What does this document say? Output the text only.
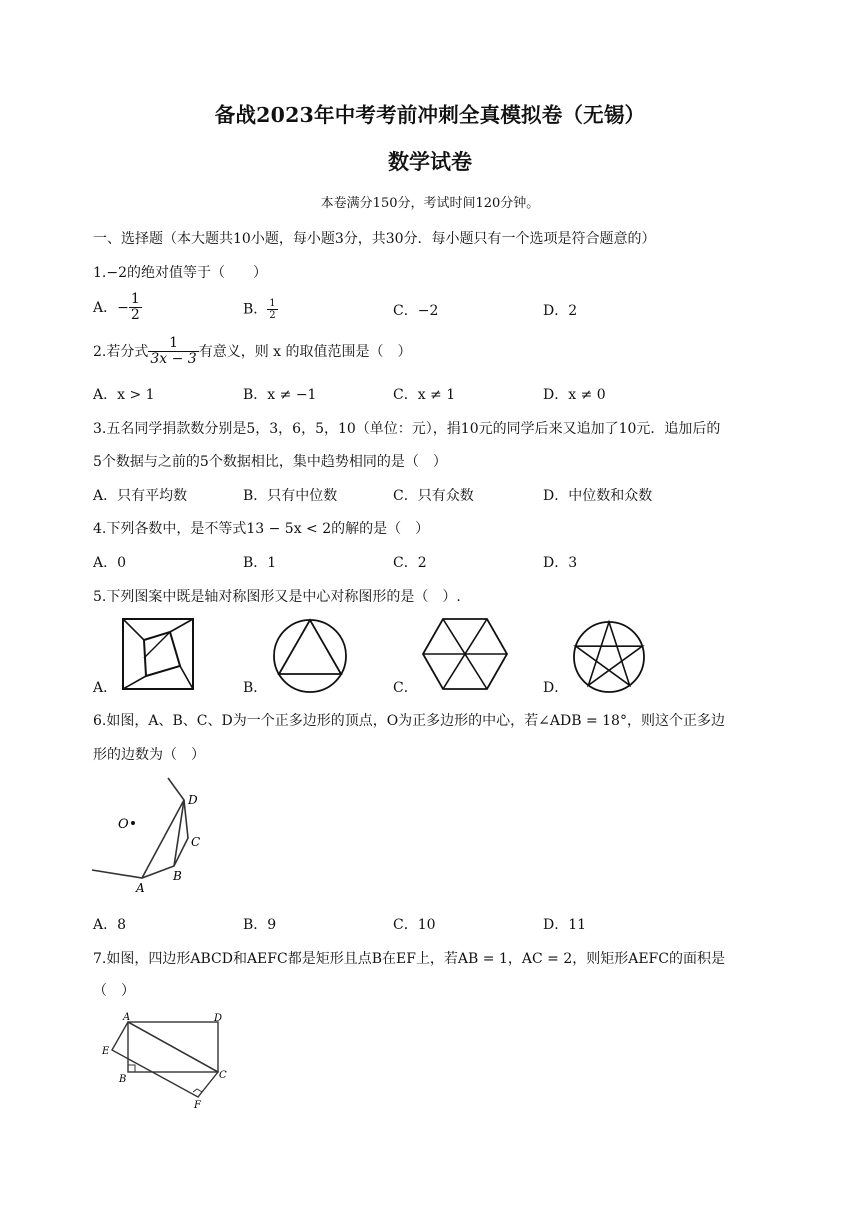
备战2023年中考考前冲刺全真模拟卷（无锡）
数学试卷
本卷满分150分，考试时间120分钟。
一、选择题（本大题共10小题，每小题3分，共30分．每小题只有一个选项是符合题意的）
1.−2的绝对值等于（　　）
A．− $\frac{1}{2}$	B． $\frac{1}{2}$	C．−2	D．2
2.若分式 $\frac{1}{3x - 3}$ 有意义，则 x 的取值范围是（　）
A．x > 1	B．x ≠ −1	C．x ≠ 1	D．x ≠ 0
3.五名同学捐款数分别是5，3，6，5，10（单位：元），捐10元的同学后来又追加了10元．追加后的
5个数据与之前的5个数据相比，集中趋势相同的是（　）
A．只有平均数	B．只有中位数	C．只有众数	D．中位数和众数
4.下列各数中，是不等式13 − 5x < 2的解的是（　）
A．0	B．1	C．2	D．3
5.下列图案中既是轴对称图形又是中心对称图形的是（　）.
A．	B．	C．	D．
6.如图，A、B、C、D为一个正多边形的顶点，O为正多边形的中心，若∠ADB = 18°，则这个正多边
形的边数为（　）
O
A
B
C
D
A．8	B．9	C．10	D．11
7.如图，四边形ABCD和AEFC都是矩形且点B在EF上，若AB = 1，AC = 2，则矩形AEFC的面积是
（　）
A	D
E
B	C
F
